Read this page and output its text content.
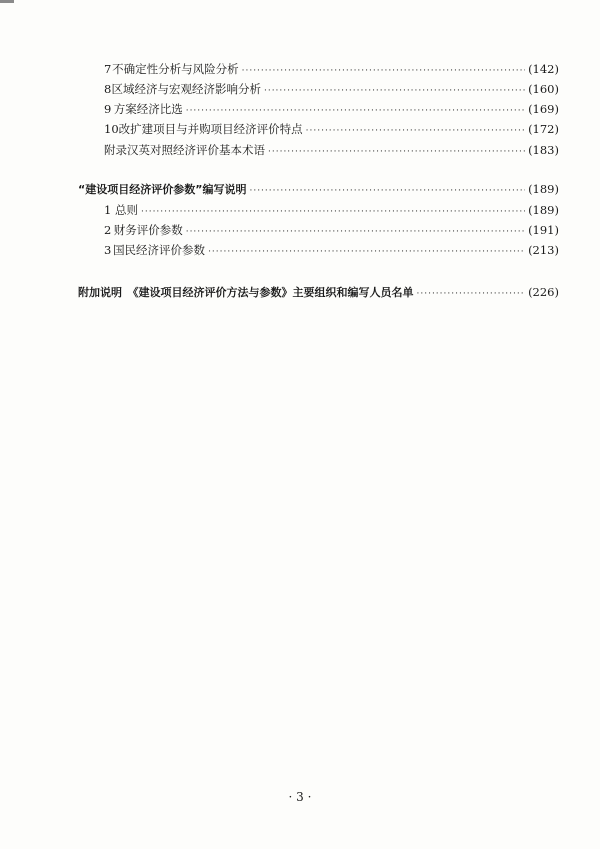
7 不确定性分析与风险分析 ·····	(142)
8 区域经济与宏观经济影响分析 ·····	(160)
9 方案经济比选 ·····	(169)
10 改扩建项目与并购项目经济评价特点 ·····	(172)
附录 汉英对照经济评价基本术语 ·····	(183)
“建设项目经济评价参数”编写说明 ·····	(189)
1 总则 ·····	(189)
2 财务评价参数 ·····	(191)
3 国民经济评价参数 ·····	(213)
附加说明　《建设项目经济评价方法与参数》主要组织和编写人员名单 ·····	(226)
· 3 ·
